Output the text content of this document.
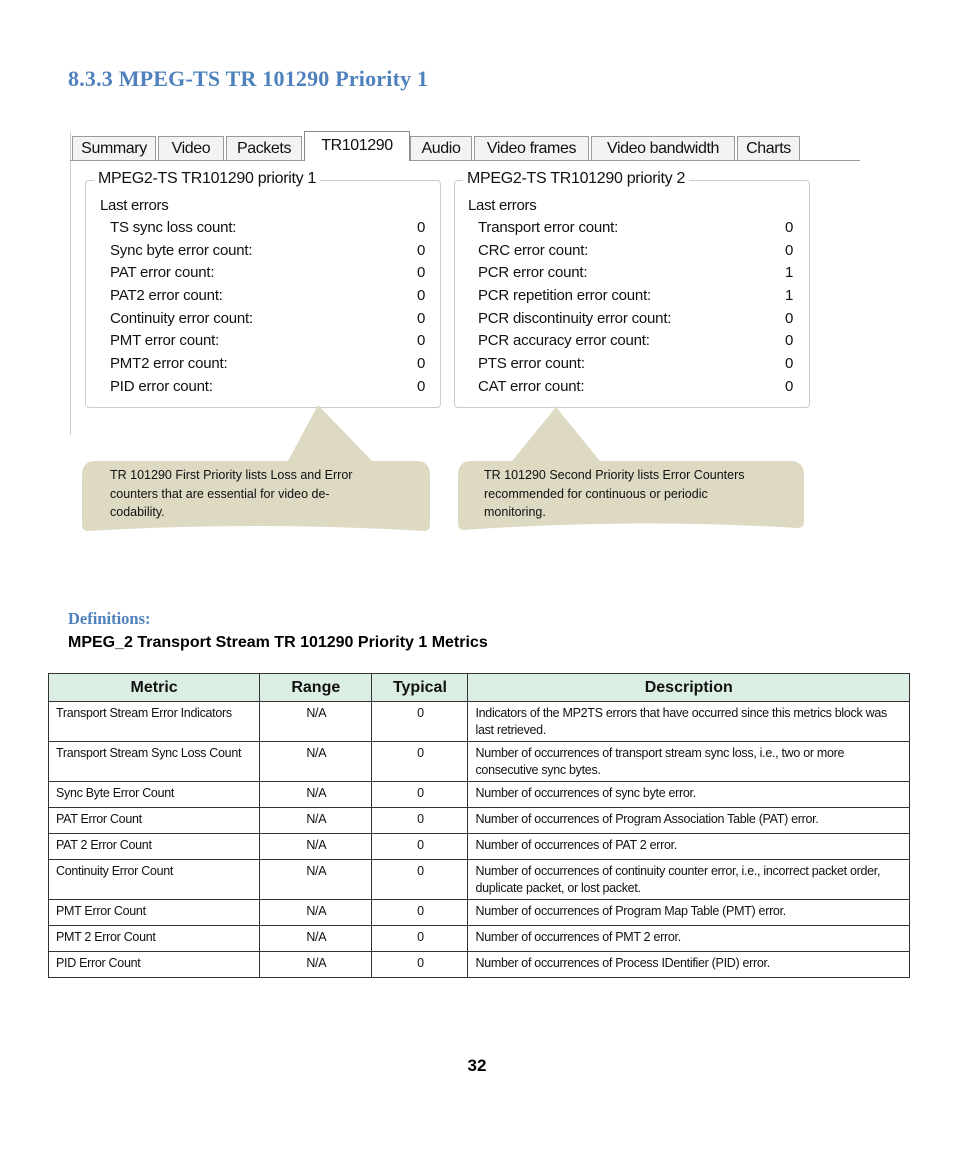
8.3.3 MPEG-TS TR 101290 Priority 1
Summary	Video	Packets	TR101290	Audio	Video frames	Video bandwidth	Charts
MPEG2-TS TR101290 priority 1
Last errors
TS sync loss count:	0
Sync byte error count:	0
PAT error count:	0
PAT2 error count:	0
Continuity error count:	0
PMT error count:	0
PMT2 error count:	0
PID error count:	0
MPEG2-TS TR101290 priority 2
Last errors
Transport error count:	0
CRC error count:	0
PCR error count:	1
PCR repetition error count:	1
PCR discontinuity error count:	0
PCR accuracy error count:	0
PTS error count:	0
CAT error count:	0
TR 101290 First Priority lists Loss and Error
counters that are essential for video de-
codability.
TR 101290 Second Priority lists Error Counters
recommended for continuous or periodic
monitoring.
Definitions:
MPEG_2 Transport Stream TR 101290 Priority 1 Metrics
Metric	Range	Typical	Description
Transport Stream Error Indicators	N/A	0	Indicators of the MP2TS errors that have occurred since this metrics block was last retrieved.
Transport Stream Sync Loss Count	N/A	0	Number of occurrences of transport stream sync loss, i.e., two or more consecutive sync bytes.
Sync Byte Error Count	N/A	0	Number of occurrences of sync byte error.
PAT Error Count	N/A	0	Number of occurrences of Program Association Table (PAT) error.
PAT 2 Error Count	N/A	0	Number of occurrences of PAT 2 error.
Continuity Error Count	N/A	0	Number of occurrences of continuity counter error, i.e., incorrect packet order, duplicate packet, or lost packet.
PMT Error Count	N/A	0	Number of occurrences of Program Map Table (PMT) error.
PMT 2 Error Count	N/A	0	Number of occurrences of PMT 2 error.
PID Error Count	N/A	0	Number of occurrences of Process IDentifier (PID) error.
32
